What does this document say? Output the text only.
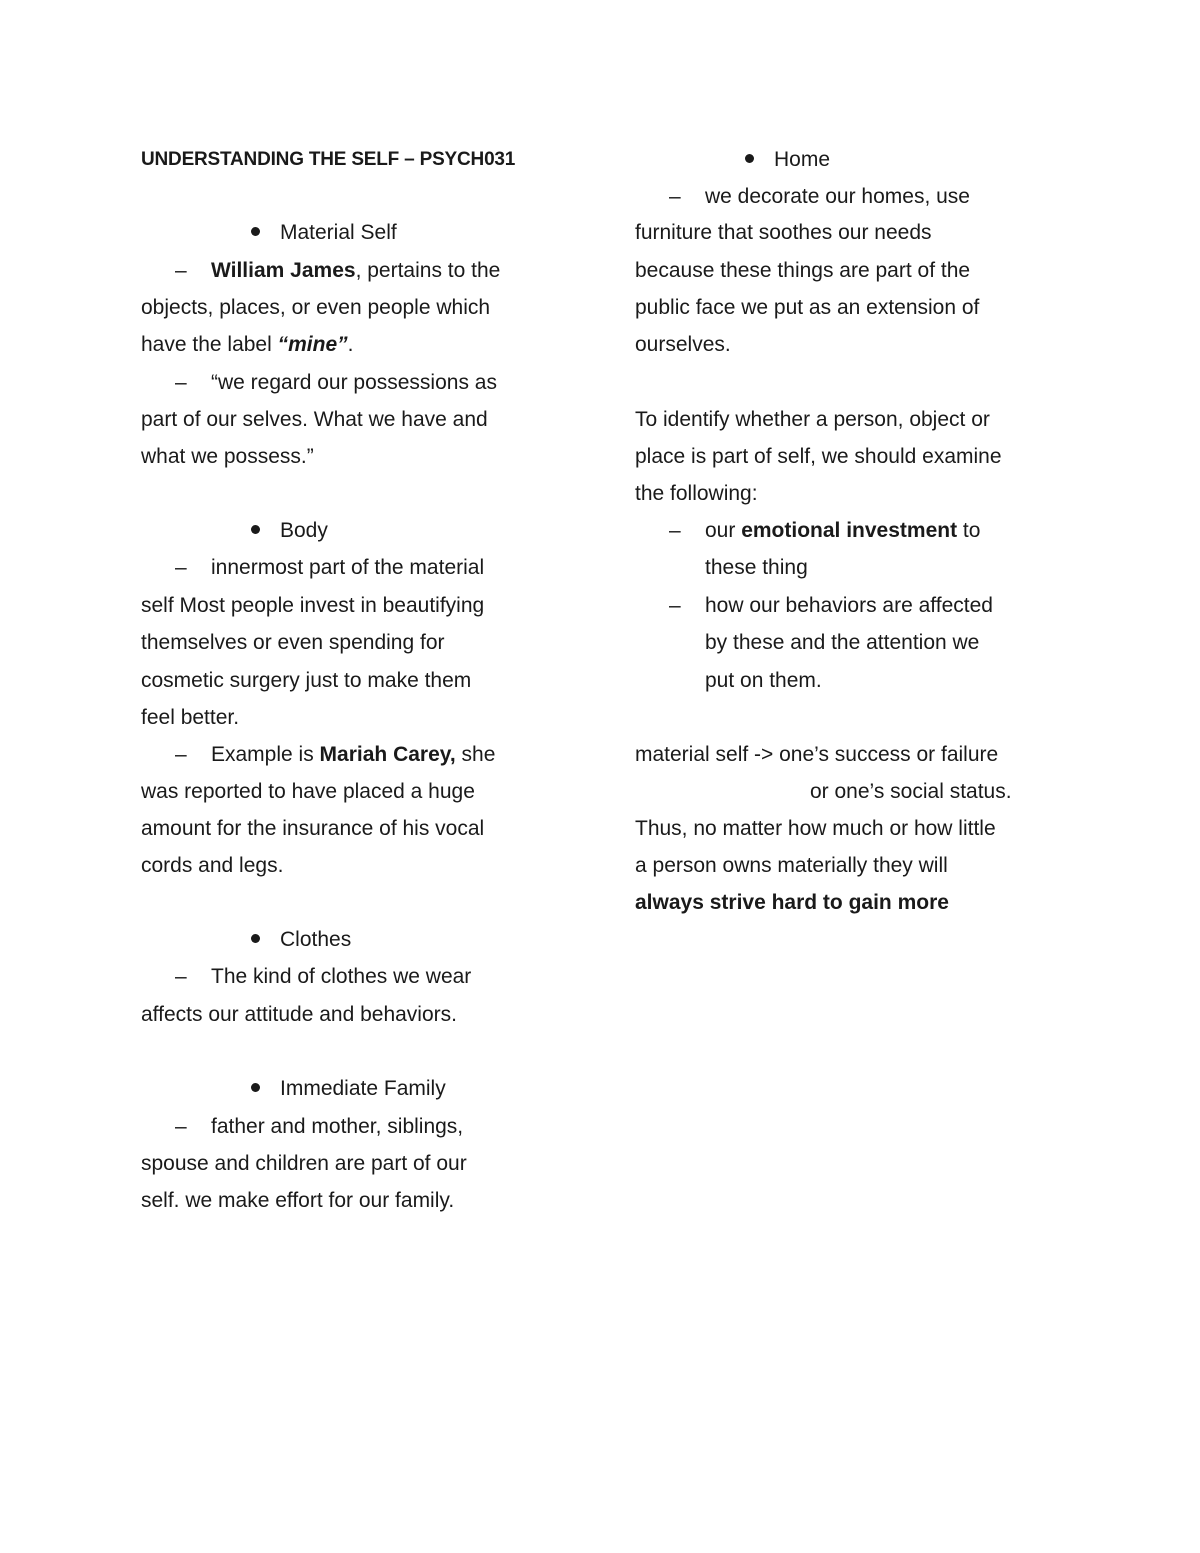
UNDERSTANDING THE SELF – PSYCH031
Material Self
– William James, pertains to the
objects, places, or even people which
have the label “mine”.
– “we regard our possessions as
part of our selves. What we have and
what we possess.”
Body
– innermost part of the material
self Most people invest in beautifying
themselves or even spending for
cosmetic surgery just to make them
feel better.
– Example is Mariah Carey, she
was reported to have placed a huge
amount for the insurance of his vocal
cords and legs.
Clothes
– The kind of clothes we wear
affects our attitude and behaviors.
Immediate Family
– father and mother, siblings,
spouse and children are part of our
self. we make effort for our family.
Home
– we decorate our homes, use
furniture that soothes our needs
because these things are part of the
public face we put as an extension of
ourselves.
To identify whether a person, object or
place is part of self, we should examine
the following:
– our emotional investment to
these thing
– how our behaviors are affected
by these and the attention we
put on them.
material self -> one’s success or failure
or one’s social status.
Thus, no matter how much or how little
a person owns materially they will
always strive hard to gain more
